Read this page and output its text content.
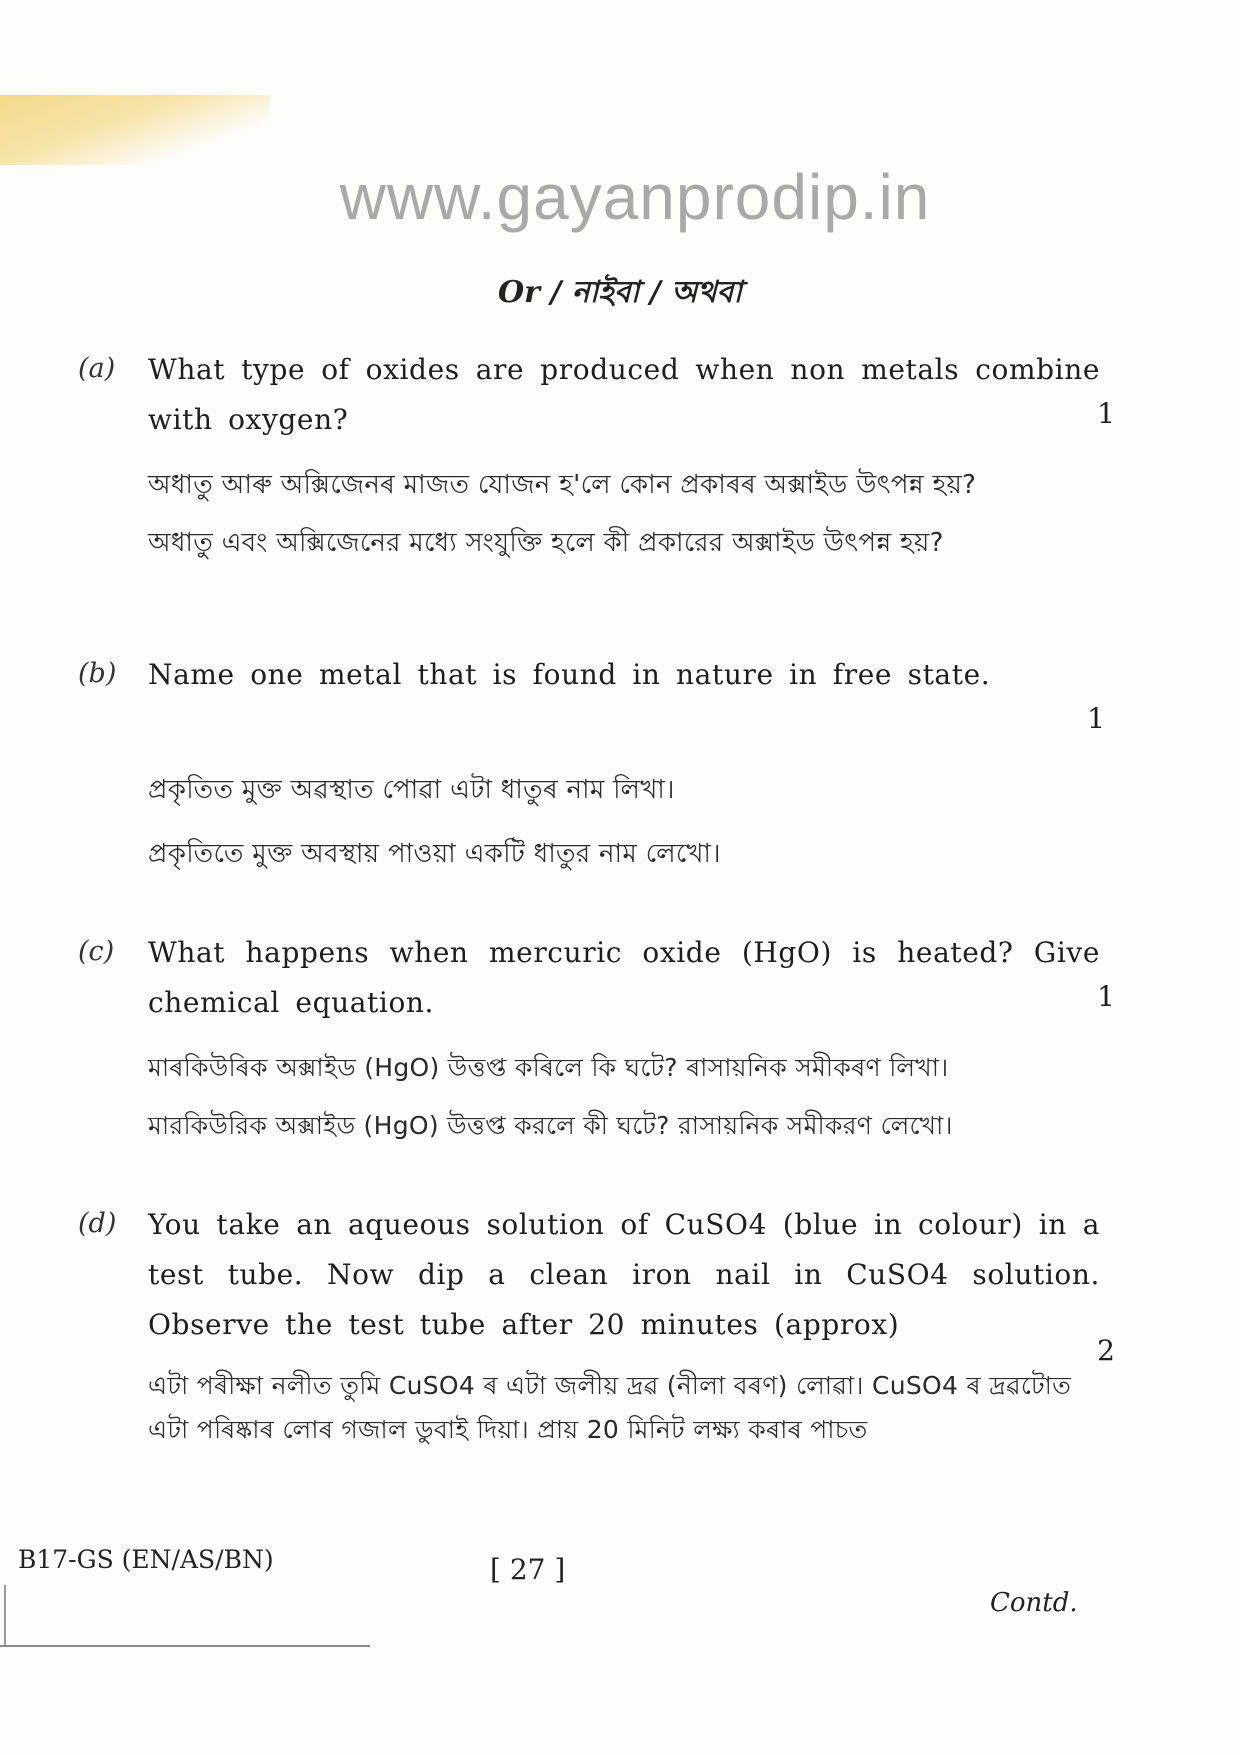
www.gayanprodip.in
Or / নাইবা / অথবা
(a) What type of oxides are produced when non metals combine with oxygen?
অধাতু আৰু অক্সিজেনৰ মাজত যোজন হ'লে কোন প্ৰকাৰৰ অক্সাইড উৎপন্ন হয়?
অধাতু এবং অক্সিজেনের মধ্যে সংযুক্তি হলে কী প্রকারের অক্সাইড উৎপন্ন হয়?
1
(b) Name one metal that is found in nature in free state.
প্ৰকৃতিত মুক্ত অৱস্থাত পোৱা এটা ধাতুৰ নাম লিখা।
প্রকৃতিতে মুক্ত অবস্থায় পাওয়া একটি ধাতুর নাম লেখো।
1
(c) What happens when mercuric oxide (HgO) is heated? Give chemical equation.
মাৰকিউৰিক অক্সাইড (HgO) উত্তপ্ত কৰিলে কি ঘটে? ৰাসায়নিক সমীকৰণ লিখা।
মারকিউরিক অক্সাইড (HgO) উত্তপ্ত করলে কী ঘটে? রাসায়নিক সমীকরণ লেখো।
1
(d) You take an aqueous solution of CuSO4 (blue in colour) in a test tube. Now dip a clean iron nail in CuSO4 solution. Observe the test tube after 20 minutes (approx)
এটা পৰীক্ষা নলীত তুমি CuSO4 ৰ এটা জলীয় দ্ৰৱ (নীলা বৰণ) লোৱা। CuSO4 ৰ দ্ৰৱটোত এটা পৰিষ্কাৰ লোৰ গজাল ডুবাই দিয়া। প্ৰায় 20 মিনিট লক্ষ্য কৰাৰ পাচত
2
B17-GS (EN/AS/BN)	[ 27 ]
Contd.
